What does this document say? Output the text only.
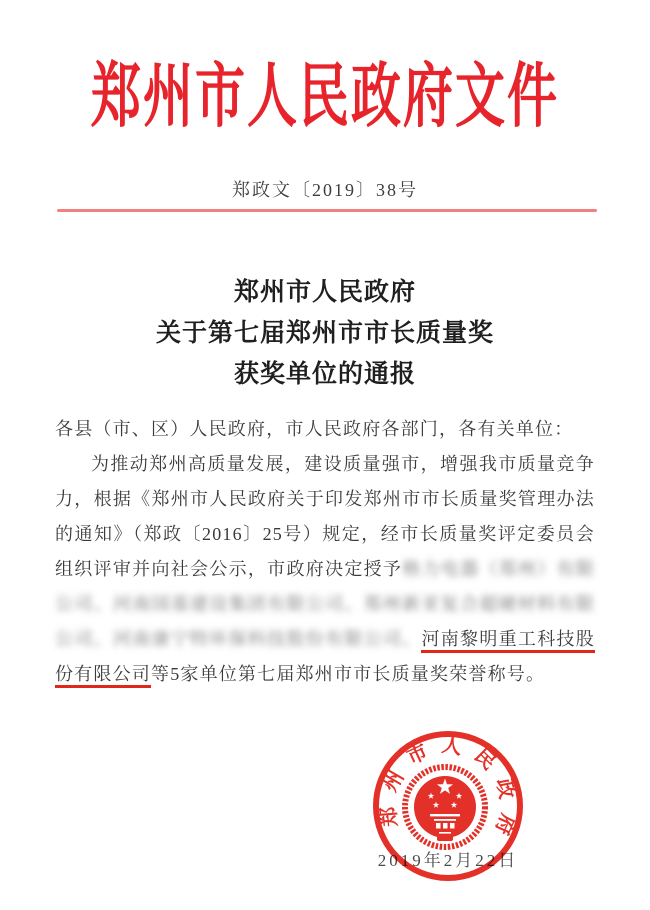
郑州市人民政府文件
郑政文〔2019〕38号
郑州市人民政府
关于第七届郑州市市长质量奖
获奖单位的通报

各县（市、区）人民政府，市人民政府各部门，各有关单位：

为推动郑州高质量发展，建设质量强市，增强我市质量竞争力，根据《郑州市人民政府关于印发郑州市市长质量奖管理办法的通知》（郑政〔2016〕25号）规定，经市长质量奖评定委员会组织评审并向社会公示，市政府决定授予格力电器（郑州）有限公司、河南国基建设集团有限公司、郑州新亚复合超硬材料有限公司、河南康宁特环保科技股份有限公司、河南黎明重工科技股份有限公司等5家单位第七届郑州市市长质量奖荣誉称号。

2019年2月22日
郑州市人民政府
